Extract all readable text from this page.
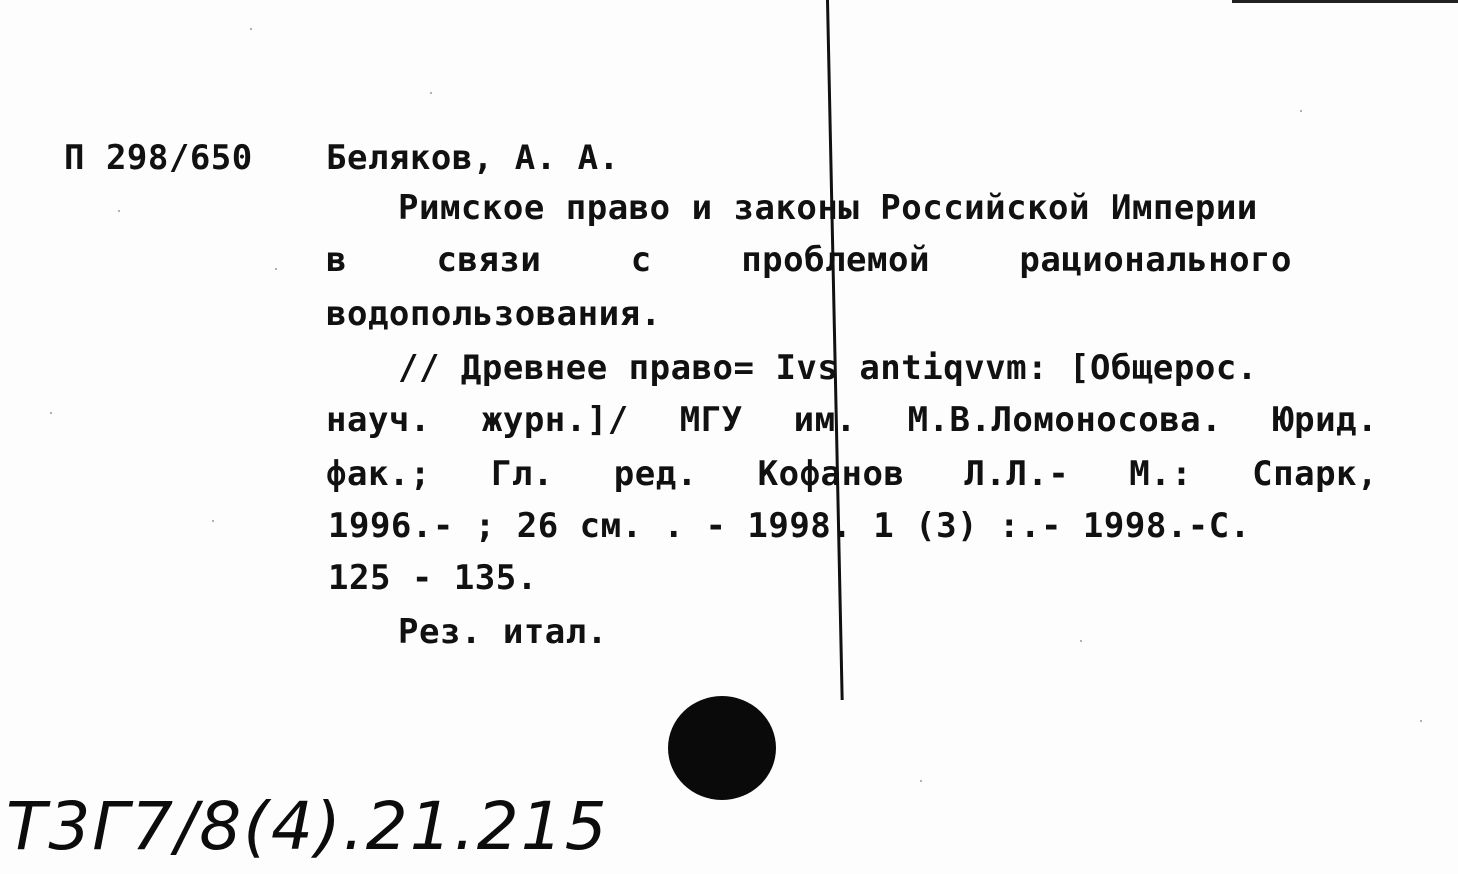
П 298/650 Беляков, А. А.
Римское право и законы Российской Империи
в	связи	с	проблемой	рационального
водопользования.
// Древнее право= Ivs antiqvvm: [Общерос.
науч. журн.]/ МГУ им. М.В.Ломоносова. Юрид.
фак.; Гл. ред. Кофанов Л.Л.- М.: Спарк,
1996.- ; 26 см. . - 1998. 1 (3) :.- 1998.-С.
125 - 135.
Рез. итал.
Т3Г7/8(4).21.215
